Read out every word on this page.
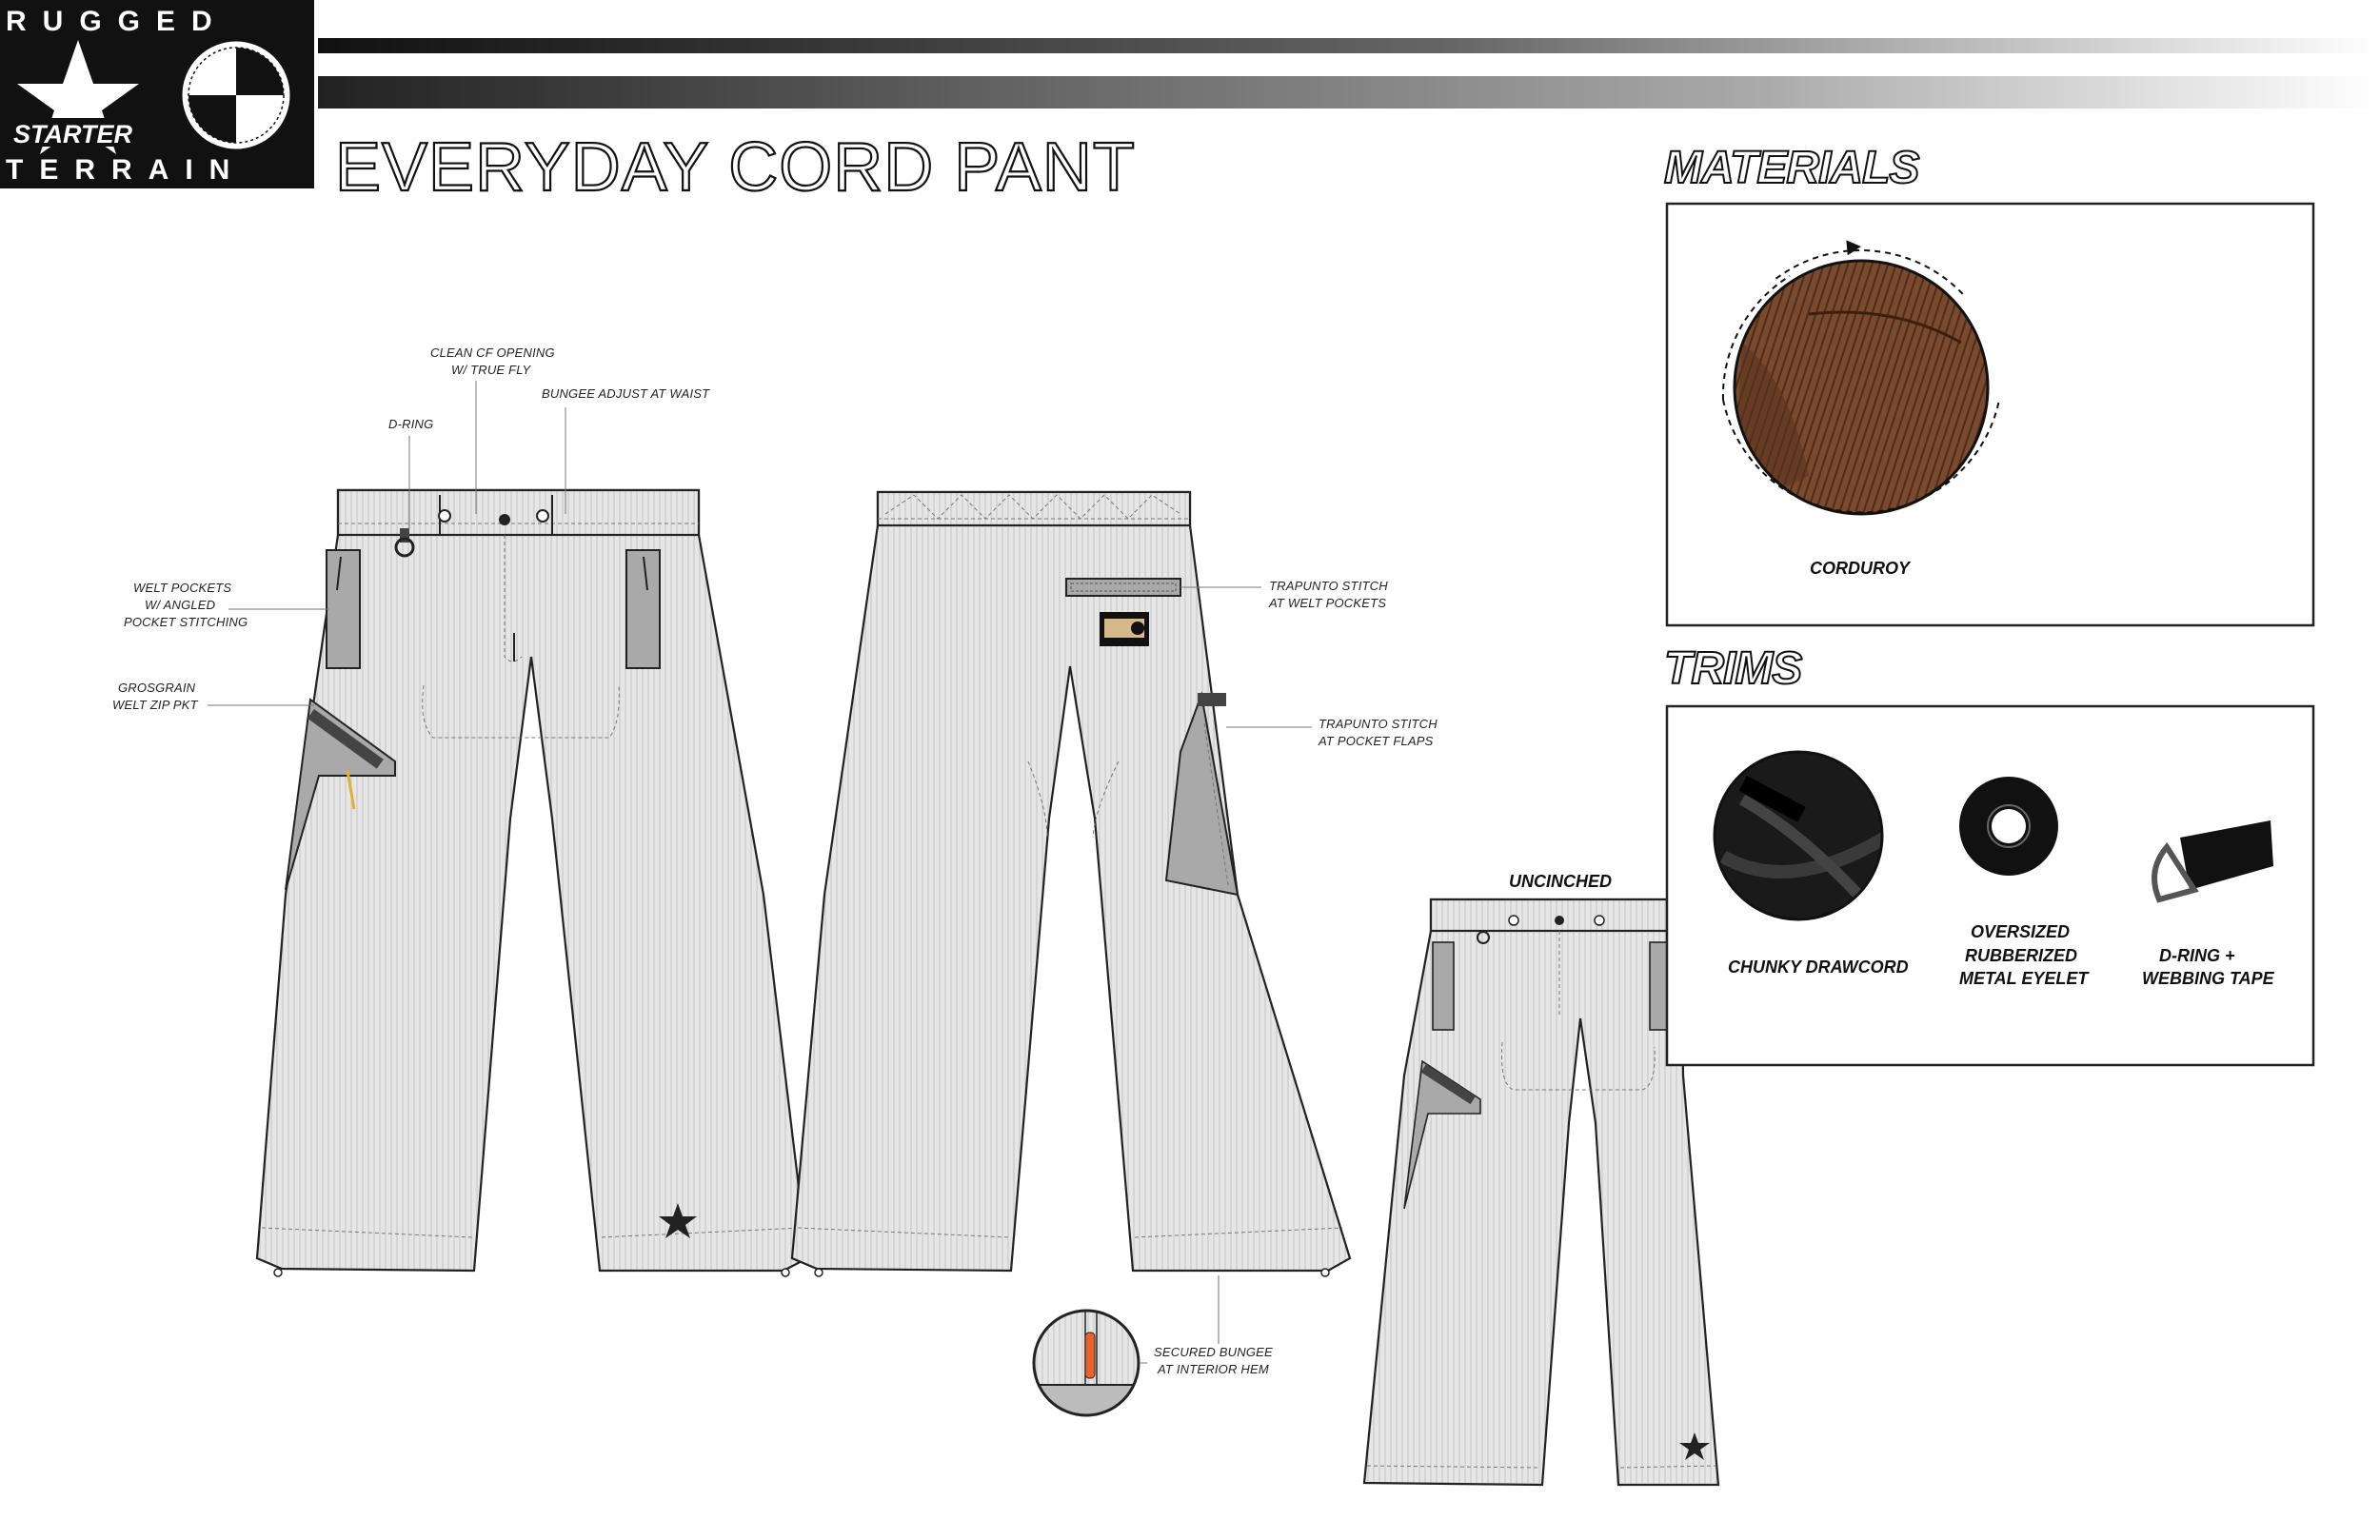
RUGGED
TERRAIN
STARTER	EVERYDAY CORD PANT
UNCINCHED
CLEAN CF OPENING
W/ TRUE FLY
BUNGEE ADJUST AT WAIST
D-RING
WELT POCKETS
W/ ANGLED
POCKET STITCHING
GROSGRAIN
WELT ZIP PKT
TRAPUNTO STITCH
AT WELT POCKETS
TRAPUNTO STITCH
AT POCKET FLAPS
SECURED BUNGEE
AT INTERIOR HEM
MATERIALS
CORDUROY
TRIMS
CHUNKY DRAWCORD
OVERSIZED
RUBBERIZED
METAL EYELET
D-RING +
WEBBING TAPE
